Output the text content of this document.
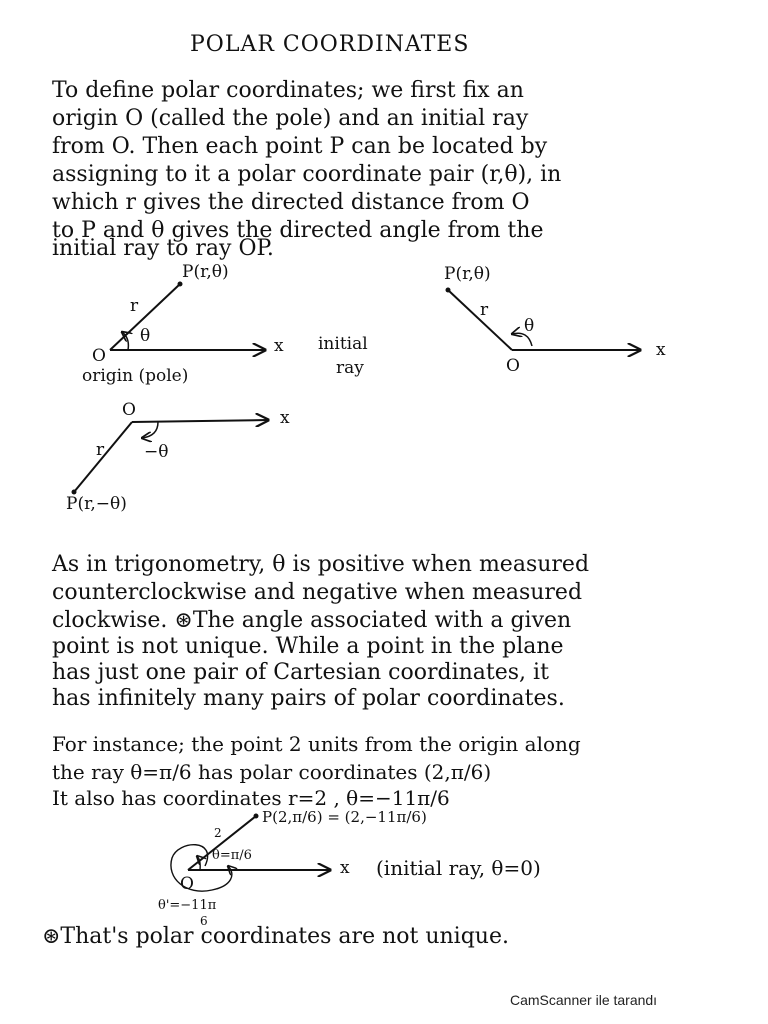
POLAR COORDINATES
To define polar coordinates; we first fix an
origin O (called the pole) and an initial ray
from O. Then each point P can be located by
assigning to it a polar coordinate pair (r,θ), in
which r gives the directed distance from O
to P and θ gives the directed angle from the
initial ray to ray OP.
P(r,θ)
r
θ
O	x
origin (pole)
initial
ray
P(r,θ)
r
θ
O
x
O	x
r −θ
P(r,−θ)
As in trigonometry, θ is positive when measured
counterclockwise and negative when measured
clockwise. ⊛The angle associated with a given
point is not unique. While a point in the plane
has just one pair of Cartesian coordinates, it
has infinitely many pairs of polar coordinates.
For instance; the point 2 units from the origin along
the ray θ=π/6 has polar coordinates (2,π/6)
It also has coordinates r=2 , θ=−11π/6
P(2,π/6) = (2,−11π/6)
2
θ=π/6
O
x (initial ray, θ=0)
θ'=−11π
6
⊛That's polar coordinates are not unique.
CamScanner ile tarandı
